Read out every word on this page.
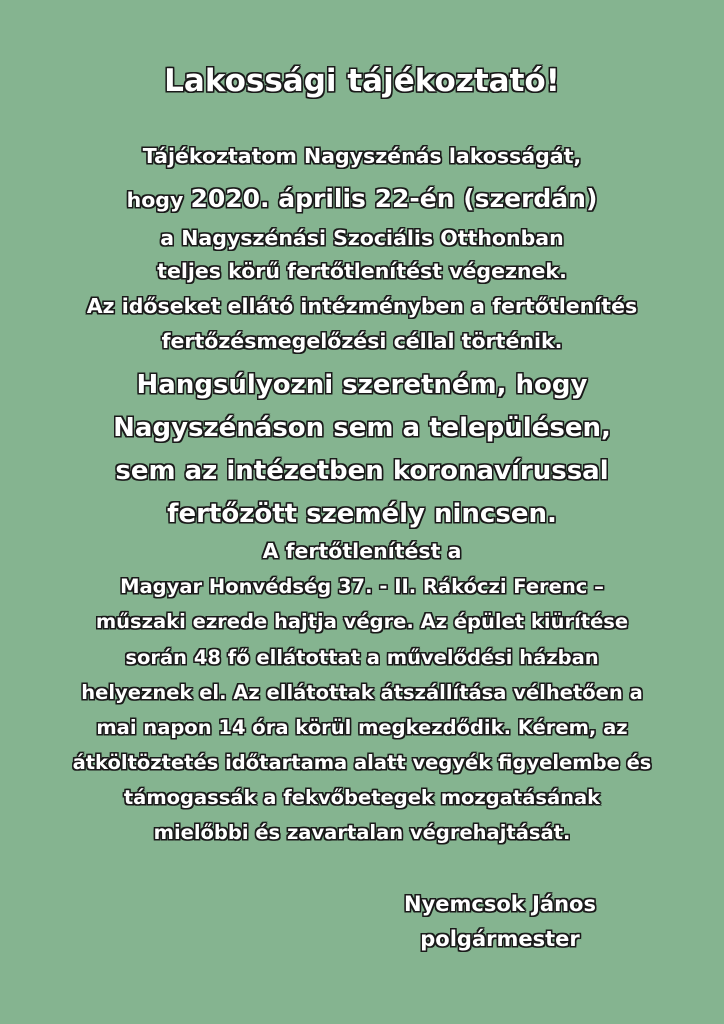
Lakossági tájékoztató!
Tájékoztatom Nagyszénás lakosságát,
hogy 2020. április 22-én (szerdán)
a Nagyszénási Szociális Otthonban
teljes körű fertőtlenítést végeznek.
Az időseket ellátó intézményben a fertőtlenítés
fertőzésmegelőzési céllal történik.
Hangsúlyozni szeretném, hogy
Nagyszénáson sem a településen,
sem az intézetben koronavírussal
fertőzött személy nincsen.
A fertőtlenítést a
Magyar Honvédség 37. - II. Rákóczi Ferenc –
műszaki ezrede hajtja végre. Az épület kiürítése
során 48 fő ellátottat a művelődési házban
helyeznek el. Az ellátottak átszállítása vélhetően a
mai napon 14 óra körül megkezdődik. Kérem, az
átköltöztetés időtartama alatt vegyék figyelembe és
támogassák a fekvőbetegek mozgatásának
mielőbbi és zavartalan végrehajtását.
Nyemcsok János
polgármester
